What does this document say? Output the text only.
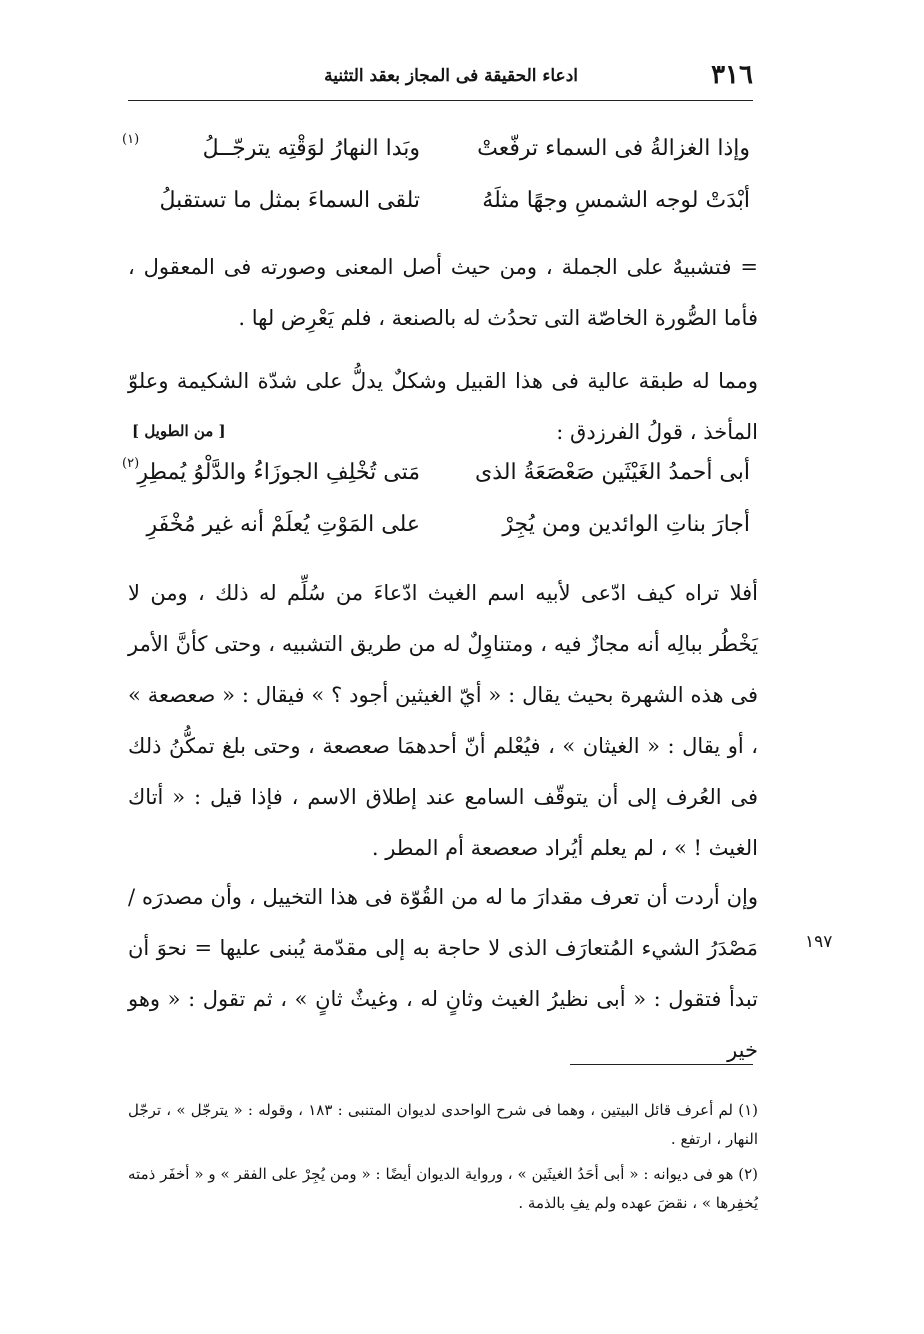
٣١٦
ادعاء الحقيقة فى المجاز بعقد التثنية
وإذا الغزالةُ فى السماء ترفّعتْ
وبَدا النهارُ لوَقْتِه يترجّــلُ
(١)
أبْدَتْ لوجه الشمسِ وجهًا مثلَهُ
تلقى السماءَ بمثل ما تستقبلُ
= فتشبيهٌ على الجملة ، ومن حيث أصل المعنى وصورته فى المعقول ، فأما الصُّورة الخاصّة التى تحدُث له بالصنعة ، فلم يَعْرِض لها .
ومما له طبقة عالية فى هذا القبيل وشكلٌ يدلُّ على شدّة الشكيمة وعلوّ المأخذ ، قولُ الفرزدق :
[ من الطويل ]
أبى أحمدُ الغَيْثَين صَعْصَعَةُ الذى
مَتى تُخْلِفِ الجوزَاءُ والدَّلْوُ يُمطِرِ
(٢)
أجارَ بناتِ الوائدين ومن يُجِرْ
على المَوْتِ يُعلَمْ أنه غير مُخْفَرِ
أفلا تراه كيف ادّعى لأبيه اسم الغيث ادّعاءَ من سُلِّم له ذلك ، ومن لا يَخْطُر ببالِه أنه مجازٌ فيه ، ومتناوِلٌ له من طريق التشبيه ، وحتى كأنَّ الأمر فى هذه الشهرة بحيث يقال : « أيّ الغيثين أجود ؟ » فيقال : « صعصعة » ، أو يقال : « الغيثان » ، فيُعْلم أنّ أحدهمَا صعصعة ، وحتى بلغ تمكُّنُ ذلك فى العُرف إلى أن يتوقّف السامع عند إطلاق الاسم ، فإذا قيل : « أتاك الغيث ! » ، لم يعلم أيُراد صعصعة أم المطر .
وإن أردت أن تعرف مقدارَ ما له من القُوّة فى هذا التخييل ، وأن مصدرَه / مَصْدَرُ الشيء المُتعارَف الذى لا حاجة به إلى مقدّمة يُبنى عليها = نحوَ أن تبدأ فتقول : « أبى نظيرُ الغيث وثانٍ له ، وغيثٌ ثانٍ » ، ثم تقول : « وهو خير
١٩٧
(١) لم أعرف قائل البيتين ، وهما فى شرح الواحدى لديوان المتنبى : ١٨٣ ، وقوله : « يترجّل » ، ترجّل النهار ، ارتفع .
(٢) هو فى ديوانه : « أبى أحَدُ الغيثَين » ، ورواية الديوان أيضًا : « ومن يُجِرْ على الفقر » و « أخفَر ذمته يُخفِرها » ، نقضَ عهده ولم يفِ بالذمة .
